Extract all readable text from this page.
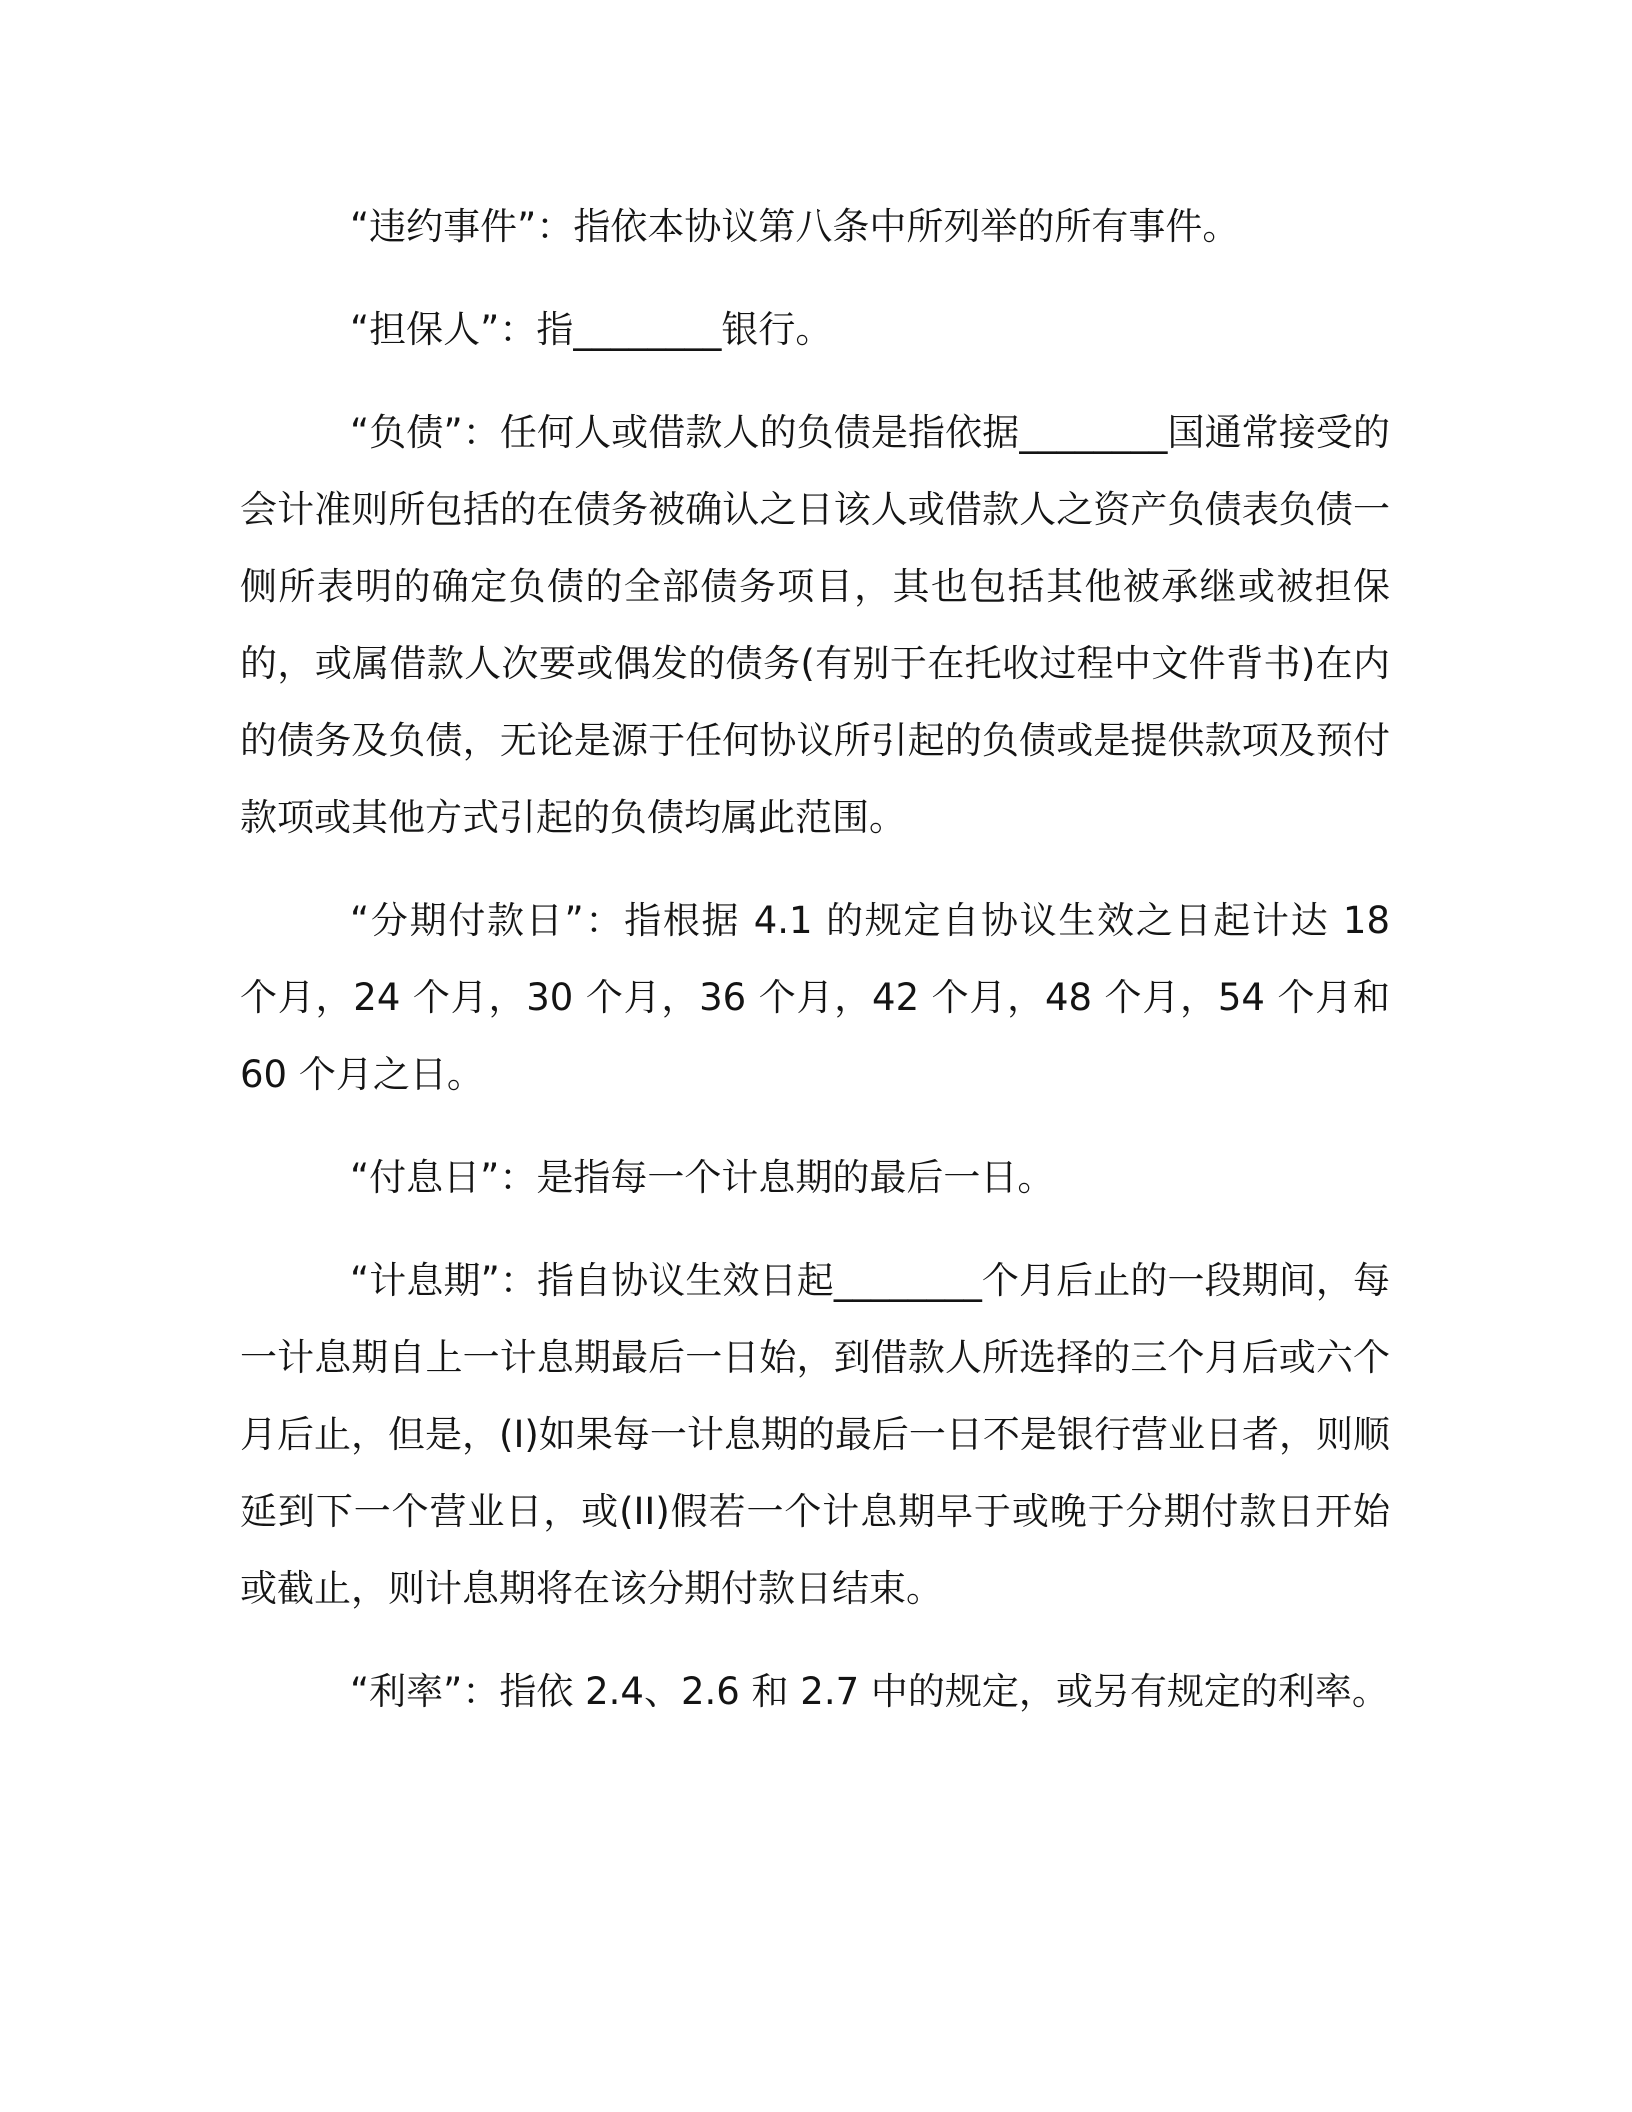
“违约事件”：指依本协议第八条中所列举的所有事件。

“担保人”：指________银行。

“负债”：任何人或借款人的负债是指依据________国通常接受的会计准则所包括的在债务被确认之日该人或借款人之资产负债表负债一侧所表明的确定负债的全部债务项目，其也包括其他被承继或被担保的，或属借款人次要或偶发的债务(有别于在托收过程中文件背书)在内的债务及负债，无论是源于任何协议所引起的负债或是提供款项及预付款项或其他方式引起的负债均属此范围。

“分期付款日”：指根据 4.1 的规定自协议生效之日起计达 18 个月，24 个月，30 个月，36 个月，42 个月，48 个月，54 个月和 60 个月之日。

“付息日”：是指每一个计息期的最后一日。

“计息期”：指自协议生效日起________个月后止的一段期间，每一计息期自上一计息期最后一日始，到借款人所选择的三个月后或六个月后止，但是，(I)如果每一计息期的最后一日不是银行营业日者，则顺延到下一个营业日，或(II)假若一个计息期早于或晚于分期付款日开始或截止，则计息期将在该分期付款日结束。

“利率”：指依 2.4、2.6 和 2.7 中的规定，或另有规定的利率。
